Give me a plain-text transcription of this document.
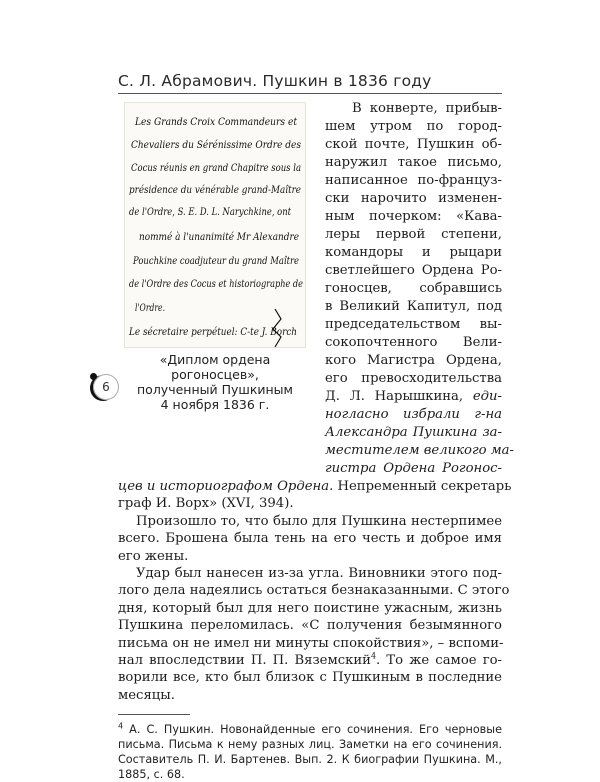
С. Л. Абрамович. Пушкин в 1836 году
Les Grands Croix Commandeurs et
Chevaliers du Sérénissime Ordre des
Cocus réunis en grand Chapitre sous la
présidence du vénérable grand-Maître
de l'Ordre, S. E. D. L. Narychkine, ont
nommé à l'unanimité Mr Alexandre
Pouchkine coadjuteur du grand Maître
de l'Ordre des Cocus et historiographe de
l'Ordre.
Le sécretaire perpétuel: C-te J. Borch
«Диплом ордена рогоносцев»,
полученный Пушкиным
4 ноября 1836 г.
6
В конверте, прибыв-
шем утром по город-
ской почте, Пушкин об-
наружил такое письмо,
написанное по-француз-
ски нарочито изменен-
ным почерком: «Кава-
леры первой степени,
командоры и рыцари
светлейшего Ордена Ро-
гоносцев, собравшись
в Великий Капитул, под
председательством вы-
сокопочтенного Вели-
кого Магистра Ордена,
его превосходительства
Д. Л. Нарышкина, еди-
ногласно избрали г-на
Александра Пушкина за-
местителем великого ма-
гистра Ордена Рогонос-
цев и историографом Ордена. Непременный секретарь
граф И. Ворх» (XVI, 394).
Произошло то, что было для Пушкина нестерпимее
всего. Брошена была тень на его честь и доброе имя
его жены.
Удар был нанесен из-за угла. Виновники этого под-
лого дела надеялись остаться безнаказанными. С этого
дня, который был для него поистине ужасным, жизнь
$^4$ А. С. Пушкин. Новонайденные его сочинения. Его черновые
письма. Письма к нему разных лиц. Заметки на его сочинения.
Составитель П. И. Бартенев. Вып. 2. К биографии Пушкина. М.,
1885, с. 68.
Пушкина переломилась. «С получения безымянного
письма он не имел ни минуты спокойствия», – вспоми-
нал впоследствии П. П. Вяземский$^4$. То же самое го-
ворили все, кто был близок с Пушкиным в последние
месяцы.
